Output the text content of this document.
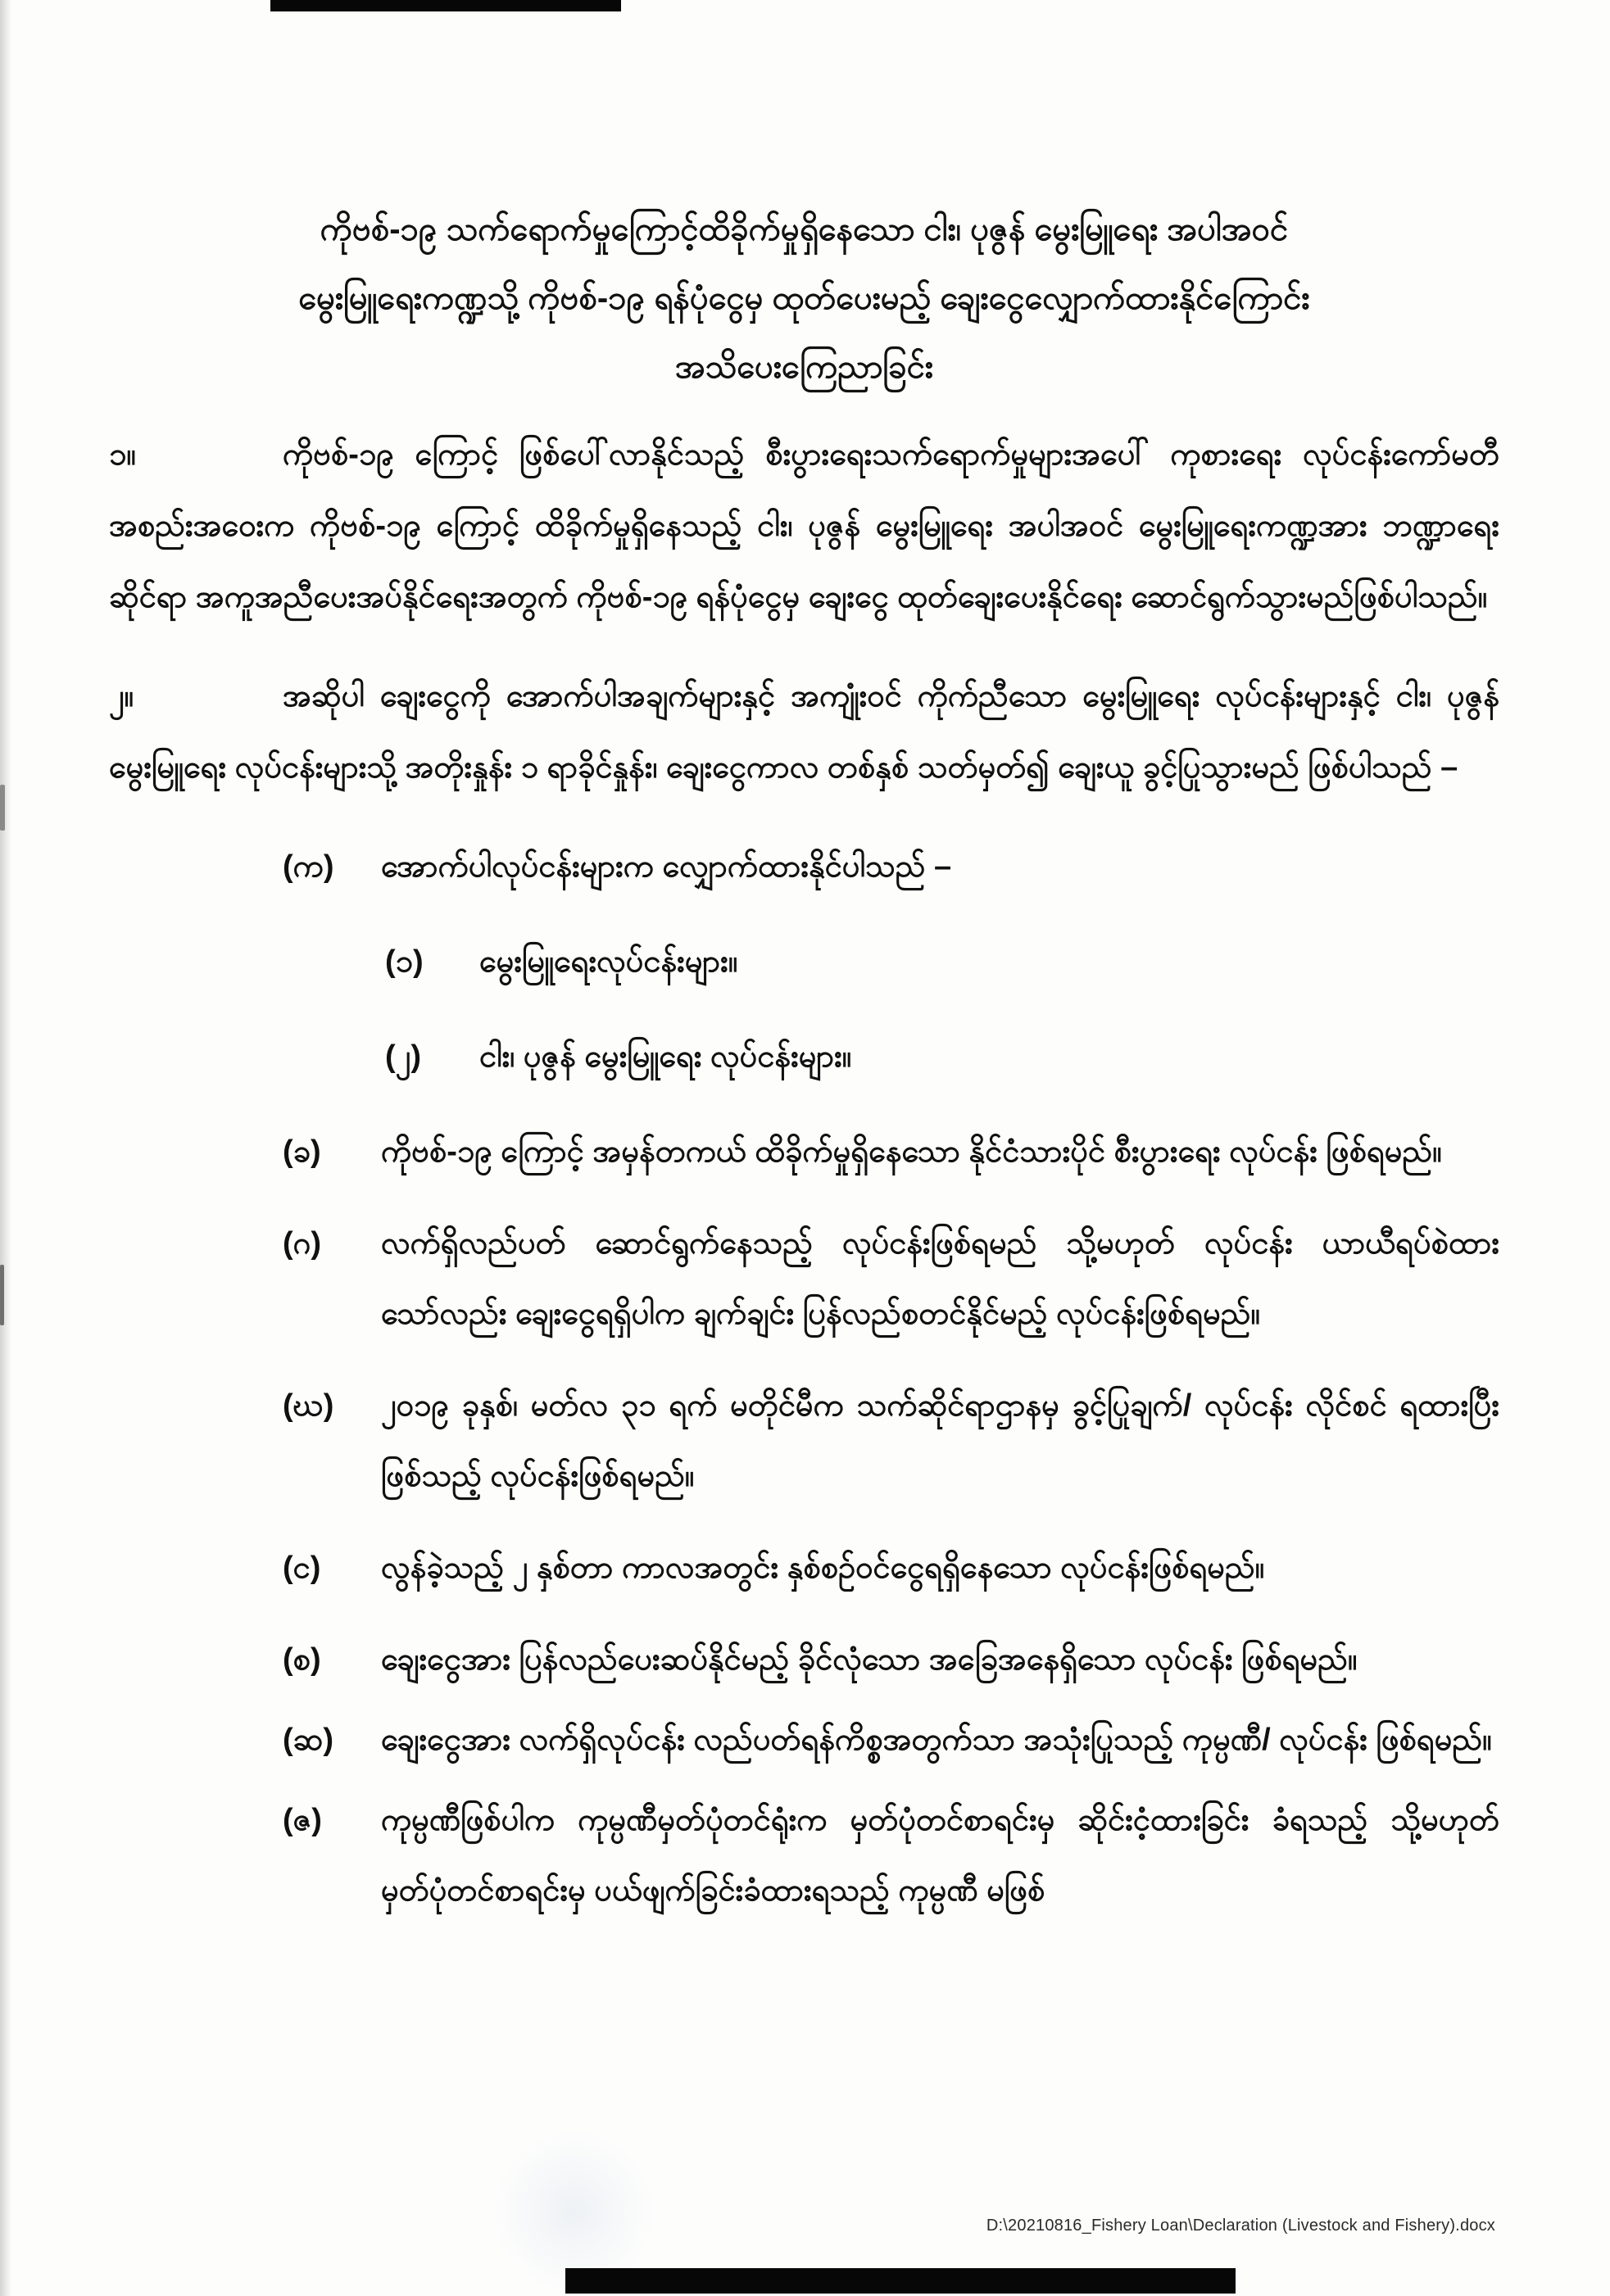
ကိုဗစ်-၁၉ သက်ရောက်မှုကြောင့်ထိခိုက်မှုရှိနေသော ငါး၊ ပုဇွန် မွေးမြူရေး အပါအဝင်
မွေးမြူရေးကဏ္ဍသို့ ကိုဗစ်-၁၉ ရန်ပုံငွေမှ ထုတ်ပေးမည့် ချေးငွေလျှောက်ထားနိုင်ကြောင်း
အသိပေးကြေညာခြင်း

၁။	ကိုဗစ်-၁၉ ကြောင့် ဖြစ်ပေါ်လာနိုင်သည့် စီးပွားရေးသက်ရောက်မှုများအပေါ် ကုစားရေး လုပ်ငန်းကော်မတီအစည်းအဝေးက ကိုဗစ်-၁၉ ကြောင့် ထိခိုက်မှုရှိနေသည့် ငါး၊ ပုဇွန် မွေးမြူရေး အပါအဝင် မွေးမြူရေးကဏ္ဍအား ဘဏ္ဍာရေးဆိုင်ရာ အကူအညီပေးအပ်နိုင်ရေးအတွက် ကိုဗစ်-၁၉ ရန်ပုံငွေမှ ချေးငွေ ထုတ်ချေးပေးနိုင်ရေး ဆောင်ရွက်သွားမည်ဖြစ်ပါသည်။

၂။	အဆိုပါ ချေးငွေကို အောက်ပါအချက်များနှင့် အကျုံးဝင် ကိုက်ညီသော မွေးမြူရေး လုပ်ငန်းများနှင့် ငါး၊ ပုဇွန် မွေးမြူရေး လုပ်ငန်းများသို့ အတိုးနှုန်း ၁ ရာခိုင်နှုန်း၊ ချေးငွေကာလ တစ်နှစ် သတ်မှတ်၍ ချေးယူ ခွင့်ပြုသွားမည် ဖြစ်ပါသည် –

(က)	အောက်ပါလုပ်ငန်းများက လျှောက်ထားနိုင်ပါသည် –
(၁)	မွေးမြူရေးလုပ်ငန်းများ။
(၂)	ငါး၊ ပုဇွန် မွေးမြူရေး လုပ်ငန်းများ။
(ခ)	ကိုဗစ်-၁၉ ကြောင့် အမှန်တကယ် ထိခိုက်မှုရှိနေသော နိုင်ငံသားပိုင် စီးပွားရေး လုပ်ငန်း ဖြစ်ရမည်။
(ဂ)	လက်ရှိလည်ပတ် ဆောင်ရွက်နေသည့် လုပ်ငန်းဖြစ်ရမည် သို့မဟုတ် လုပ်ငန်း ယာယီရပ်စဲထားသော်လည်း ချေးငွေရရှိပါက ချက်ချင်း ပြန်လည်စတင်နိုင်မည့် လုပ်ငန်းဖြစ်ရမည်။
(ဃ)	၂၀၁၉ ခုနှစ်၊ မတ်လ ၃၁ ရက် မတိုင်မီက သက်ဆိုင်ရာဌာနမှ ခွင့်ပြုချက်/ လုပ်ငန်း လိုင်စင် ရထားပြီး ဖြစ်သည့် လုပ်ငန်းဖြစ်ရမည်။
(င)	လွန်ခဲ့သည့် ၂ နှစ်တာ ကာလအတွင်း နှစ်စဉ်ဝင်ငွေရရှိနေသော လုပ်ငန်းဖြစ်ရမည်။
(စ)	ချေးငွေအား ပြန်လည်ပေးဆပ်နိုင်မည့် ခိုင်လုံသော အခြေအနေရှိသော လုပ်ငန်း ဖြစ်ရမည်။
(ဆ)	ချေးငွေအား လက်ရှိလုပ်ငန်း လည်ပတ်ရန်ကိစ္စအတွက်သာ အသုံးပြုသည့် ကုမ္ပဏီ/ လုပ်ငန်း ဖြစ်ရမည်။
(ဇ)	ကုမ္ပဏီဖြစ်ပါက ကုမ္ပဏီမှတ်ပုံတင်ရုံးက မှတ်ပုံတင်စာရင်းမှ ဆိုင်းငံ့ထားခြင်း ခံရသည့် သို့မဟုတ် မှတ်ပုံတင်စာရင်းမှ ပယ်ဖျက်ခြင်းခံထားရသည့် ကုမ္ပဏီ မဖြစ်
D:\20210816_Fishery Loan\Declaration (Livestock and Fishery).docx
